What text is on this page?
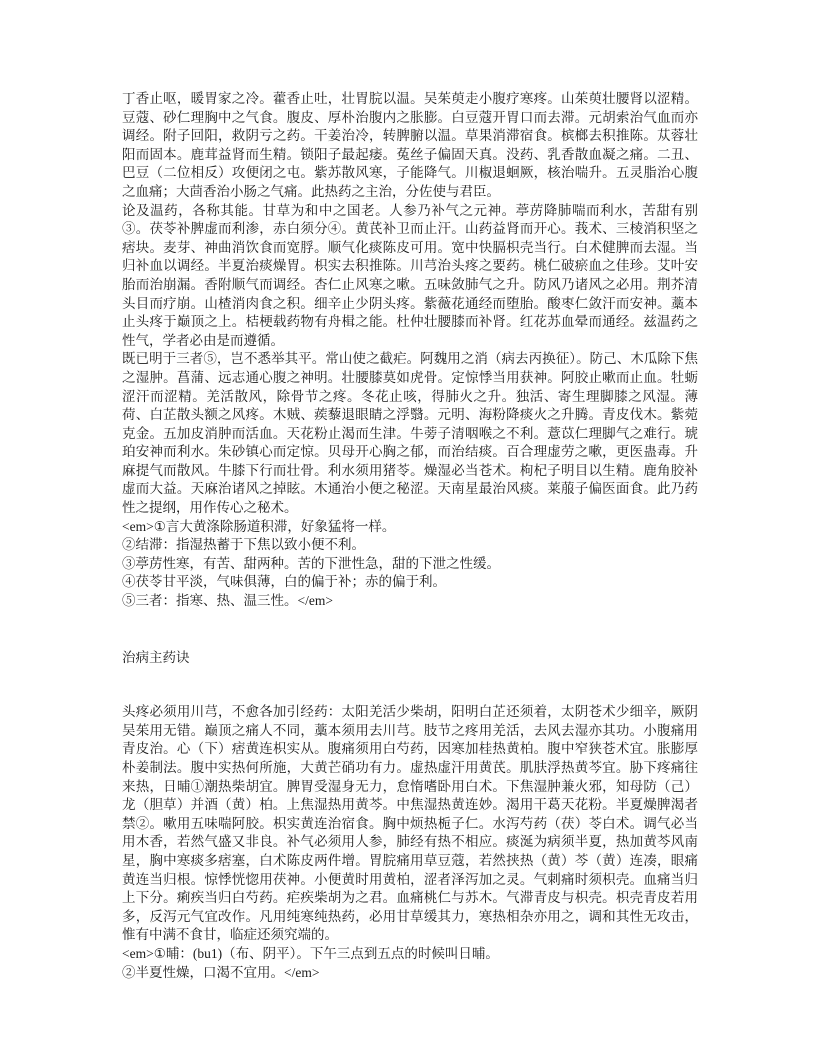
丁香止呕，暖胃家之冷。藿香止吐，壮胃脘以温。吴茱萸走小腹疗寒疼。山茱萸壮腰肾以涩精。豆蔻、砂仁理胸中之气食。腹皮、厚朴治腹内之胀膨。白豆蔻开胃口而去滞。元胡索治气血而亦调经。附子回阳，救阴亏之药。干姜治冷，转脾腑以温。草果消滞宿食。槟榔去积推陈。苁蓉壮阳而固本。鹿茸益肾而生精。锁阳子最起痿。菟丝子偏固天真。没药、乳香散血凝之痛。二丑、巴豆（二位相反）攻便闭之屯。紫苏散风寒，子能降气。川椒退蛔厥，核治喘升。五灵脂治心腹之血痛；大茴香治小肠之气痛。此热药之主治，分佐使与君臣。

论及温药，各称其能。甘草为和中之国老。人参乃补气之元神。葶苈降肺喘而利水，苦甜有别③。茯苓补脾虚而利渗，赤白须分④。黄芪补卫而止汗。山药益肾而开心。莪术、三棱消积坚之痞块。麦芽、神曲消饮食而宽脬。顺气化痰陈皮可用。宽中快膈枳壳当行。白术健脾而去湿。当归补血以调经。半夏治痰燥胃。枳实去积推陈。川芎治头疼之要药。桃仁破瘀血之佳珍。艾叶安胎而治崩漏。香附顺气而调经。杏仁止风寒之嗽。五味敛肺气之升。防风乃诸风之必用。荆芥清头目而疗崩。山楂消肉食之积。细辛止少阴头疼。紫薇花通经而堕胎。酸枣仁敛汗而安神。藁本止头疼于巅顶之上。桔梗载药物有舟楫之能。杜仲壮腰膝而补肾。红花苏血晕而通经。兹温药之性气，学者必由是而遵循。

既已明于三者⑤，岂不悉举其平。常山使之截疟。阿魏用之消（病去丙换征）。防己、木瓜除下焦之湿肿。菖蒲、远志通心腹之神明。壮腰膝莫如虎骨。定惊悸当用获神。阿胶止嗽而止血。牡蛎涩汗而涩精。羌活散风，除骨节之疼。冬花止咳，得肺火之升。独活、寄生理脚膝之风湿。薄荷、白芷散头额之风疼。木贼、蒺藜退眼睛之浮翳。元明、海粉降痰火之升腾。青皮伐木。紫菀克金。五加皮消肿而活血。天花粉止渴而生津。牛蒡子清咽喉之不利。薏苡仁理脚气之难行。琥珀安神而利水。朱砂镇心而定惊。贝母开心胸之郁，而治结痰。百合理虚劳之嗽，更医蛊毒。升麻提气而散风。牛膝下行而壮骨。利水须用猪苓。燥湿必当苍术。枸杞子明目以生精。鹿角胶补虚而大益。天麻治诸风之掉眩。木通治小便之秘涩。天南星最治风痰。莱菔子偏医面食。此乃药性之提纲，用作传心之秘术。

<em>①言大黄涤除肠道积滞，好象猛将一样。
②结滞：指湿热蓄于下焦以致小便不利。
③葶苈性寒，有苦、甜两种。苦的下泄性急，甜的下泄之性缓。
④茯苓甘平淡，气味俱薄，白的偏于补；赤的偏于利。
⑤三者：指寒、热、温三性。</em>
治病主药诀

头疼必须用川芎，不愈各加引经药：太阳羌活少柴胡，阳明白芷还须着，太阴苍术少细辛，厥阴吴茱用无错。巅顶之痛人不同，藁本须用去川芎。肢节之疼用羌活，去风去湿亦其功。小腹痛用青皮治。心（下）痞黄连枳实从。腹痛须用白芍药，因寒加桂热黄柏。腹中窄狭苍术宜。胀膨厚朴姜制法。腹中实热何所施，大黄芒硝功有力。虚热虚汗用黄芪。肌肤浮热黄芩宜。胁下疼痛往来热，日晡①潮热柴胡宜。脾胃受湿身无力，怠惰嗜卧用白术。下焦湿肿兼火邪，知母防（己）龙（胆草）并酒（黄）柏。上焦湿热用黄芩。中焦湿热黄连妙。渴用干葛天花粉。半夏燥脾渴者禁②。嗽用五味喘阿胶。枳实黄连治宿食。胸中烦热栀子仁。水泻芍药（茯）苓白术。调气必当用木香，若然气盛又非良。补气必须用人参，肺经有热不相应。痰涎为病须半夏，热加黄芩风南星，胸中寒痰多痞塞，白术陈皮两件增。胃脘痛用草豆蔻，若然挟热（黄）芩（黄）连凑，眼痛黄连当归根。惊悸恍惚用茯神。小便黄时用黄柏，涩者泽泻加之灵。气刺痛时须枳壳。血痛当归上下分。痢疾当归白芍药。疟疾柴胡为之君。血痛桃仁与苏木。气滞青皮与枳壳。枳壳青皮若用多，反泻元气宜改作。凡用纯寒纯热药，必用甘草缓其力，寒热相杂亦用之，调和其性无攻击，惟有中满不食甘，临症还须究端的。

<em>①晡：(bu1)（布、阴平）。下午三点到五点的时候叫日晡。
②半夏性燥，口渴不宜用。</em>
